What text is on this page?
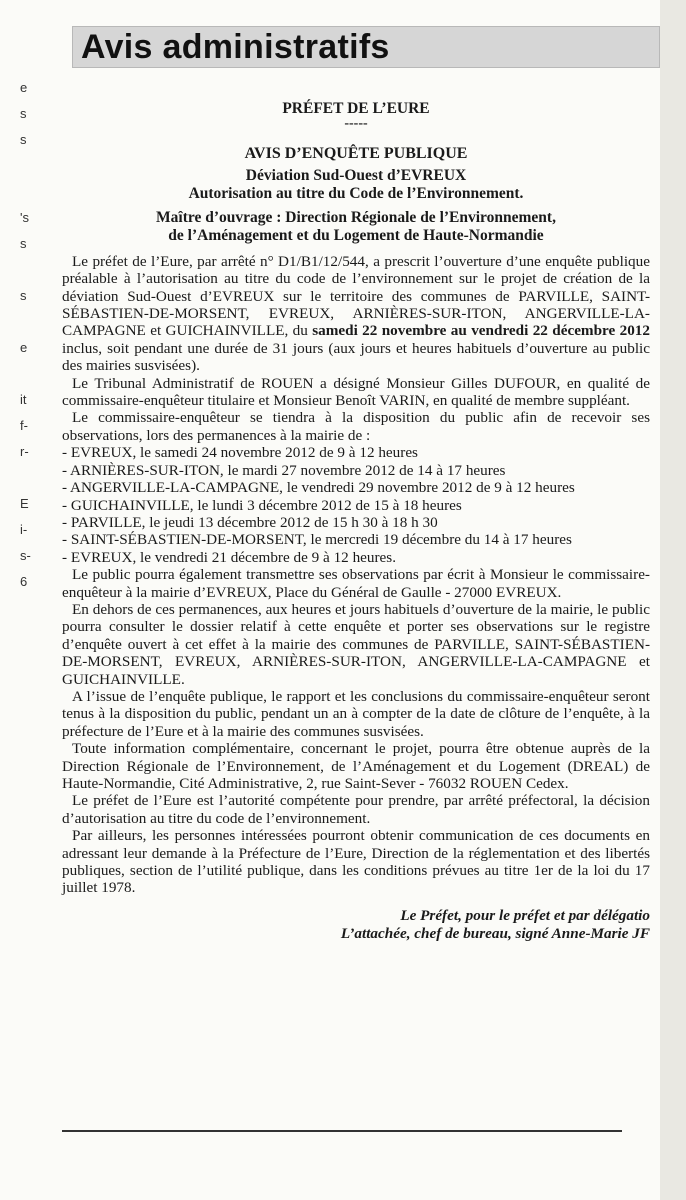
e
s
s
's
s
s
e
it
f-
r-
E
i-
s-
6
Avis administratifs
PRÉFET DE L’EURE
-----
AVIS D’ENQUÊTE PUBLIQUE
Déviation Sud-Ouest d’EVREUX
Autorisation au titre du Code de l’Environnement.
Maître d’ouvrage : Direction Régionale de l’Environnement,
de l’Aménagement et du Logement de Haute-Normandie

Le préfet de l’Eure, par arrêté n° D1/B1/12/544, a prescrit l’ouverture d’une enquête publique préalable à l’autorisation au titre du code de l’environnement sur le projet de création de la déviation Sud-Ouest d’EVREUX sur le territoire des communes de PARVILLE, SAINT-SÉBASTIEN-DE-MORSENT, EVREUX, ARNIÈRES-SUR-ITON, ANGERVILLE-LA-CAMPAGNE et GUICHAINVILLE, du samedi 22 novembre au vendredi 22 décembre 2012 inclus, soit pendant une durée de 31 jours (aux jours et heures habituels d’ouverture au public des mairies susvisées).

Le Tribunal Administratif de ROUEN a désigné Monsieur Gilles DUFOUR, en qualité de commissaire-enquêteur titulaire et Monsieur Benoît VARIN, en qualité de membre suppléant.

Le commissaire-enquêteur se tiendra à la disposition du public afin de recevoir ses observations, lors des permanences à la mairie de :

- EVREUX, le samedi 24 novembre 2012 de 9 à 12 heures

- ARNIÈRES-SUR-ITON, le mardi 27 novembre 2012 de 14 à 17 heures

- ANGERVILLE-LA-CAMPAGNE, le vendredi 29 novembre 2012 de 9 à 12 heures

- GUICHAINVILLE, le lundi 3 décembre 2012 de 15 à 18 heures

- PARVILLE, le jeudi 13 décembre 2012 de 15 h 30 à 18 h 30

- SAINT-SÉBASTIEN-DE-MORSENT, le mercredi 19 décembre du 14 à 17 heures

- EVREUX, le vendredi 21 décembre de 9 à 12 heures.

Le public pourra également transmettre ses observations par écrit à Monsieur le commissaire-enquêteur à la mairie d’EVREUX, Place du Général de Gaulle - 27000 EVREUX.

En dehors de ces permanences, aux heures et jours habituels d’ouverture de la mairie, le public pourra consulter le dossier relatif à cette enquête et porter ses observations sur le registre d’enquête ouvert à cet effet à la mairie des communes de PARVILLE, SAINT-SÉBASTIEN-DE-MORSENT, EVREUX, ARNIÈRES-SUR-ITON, ANGERVILLE-LA-CAMPAGNE et GUICHAINVILLE.

A l’issue de l’enquête publique, le rapport et les conclusions du commissaire-enquêteur seront tenus à la disposition du public, pendant un an à compter de la date de clôture de l’enquête, à la préfecture de l’Eure et à la mairie des communes susvisées.

Toute information complémentaire, concernant le projet, pourra être obtenue auprès de la Direction Régionale de l’Environnement, de l’Aménagement et du Logement (DREAL) de Haute-Normandie, Cité Administrative, 2, rue Saint-Sever - 76032 ROUEN Cedex.

Le préfet de l’Eure est l’autorité compétente pour prendre, par arrêté préfectoral, la décision d’autorisation au titre du code de l’environnement.

Par ailleurs, les personnes intéressées pourront obtenir communication de ces documents en adressant leur demande à la Préfecture de l’Eure, Direction de la réglementation et des libertés publiques, section de l’utilité publique, dans les conditions prévues au titre 1er de la loi du 17 juillet 1978.

Le Préfet, pour le préfet et par délégatio
L’attachée, chef de bureau, signé Anne-Marie JF
